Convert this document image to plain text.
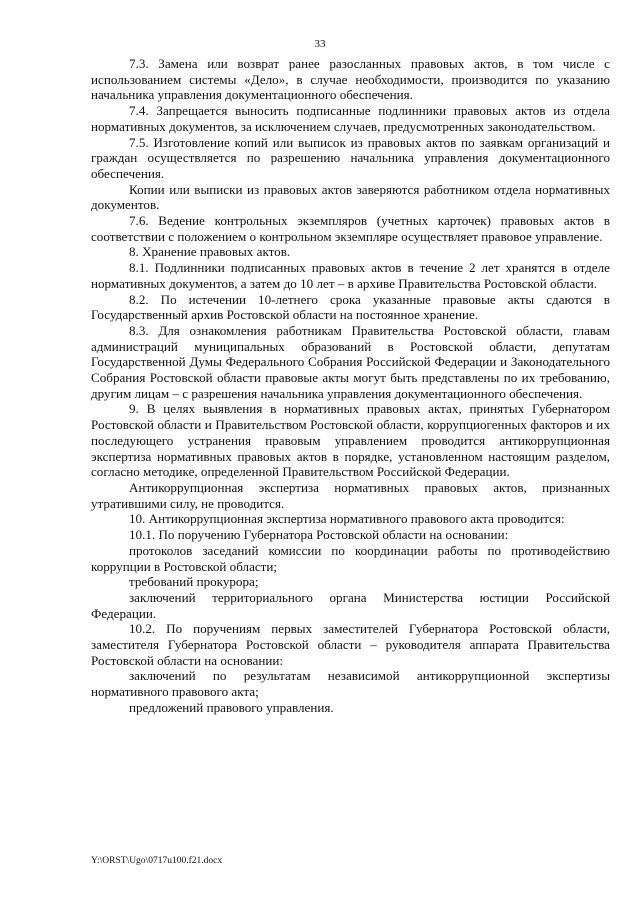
33

7.3. Замена или возврат ранее разосланных правовых актов, в том числе с использованием системы «Дело», в случае необходимости, производится по указанию начальника управления документационного обеспечения.

7.4. Запрещается выносить подписанные подлинники правовых актов из отдела нормативных документов, за исключением случаев, предусмотренных законодательством.

7.5. Изготовление копий или выписок из правовых актов по заявкам организаций и граждан осуществляется по разрешению начальника управления документационного обеспечения.

Копии или выписки из правовых актов заверяются работником отдела нормативных документов.

7.6. Ведение контрольных экземпляров (учетных карточек) правовых актов в соответствии с положением о контрольном экземпляре осуществляет правовое управление.

8. Хранение правовых актов.

8.1. Подлинники подписанных правовых актов в течение 2 лет хранятся в отделе нормативных документов, а затем до 10 лет – в архиве Правительства Ростовской области.

8.2. По истечении 10-летнего срока указанные правовые акты сдаются в Государственный архив Ростовской области на постоянное хранение.

8.3. Для ознакомления работникам Правительства Ростовской области, главам администраций муниципальных образований в Ростовской области, депутатам Государственной Думы Федерального Собрания Российской Федерации и Законодательного Собрания Ростовской области правовые акты могут быть представлены по их требованию, другим лицам – с разрешения начальника управления документационного обеспечения.

9. В целях выявления в нормативных правовых актах, принятых Губернатором Ростовской области и Правительством Ростовской области, коррупциогенных факторов и их последующего устранения правовым управлением проводится антикоррупционная экспертиза нормативных правовых актов в порядке, установленном настоящим разделом, согласно методике, определенной Правительством Российской Федерации.

Антикоррупционная экспертиза нормативных правовых актов, признанных утратившими силу, не проводится.

10. Антикоррупционная экспертиза нормативного правового акта проводится:

10.1. По поручению Губернатора Ростовской области на основании:

протоколов заседаний комиссии по координации работы по противодействию коррупции в Ростовской области;

требований прокурора;

заключений территориального органа Министерства юстиции Российской Федерации.

10.2. По поручениям первых заместителей Губернатора Ростовской области, заместителя Губернатора Ростовской области – руководителя аппарата Правительства Ростовской области на основании:

заключений по результатам независимой антикоррупционной экспертизы нормативного правового акта;

предложений правового управления.

Y:\ORST\Ugo\0717u100.f21.docx
